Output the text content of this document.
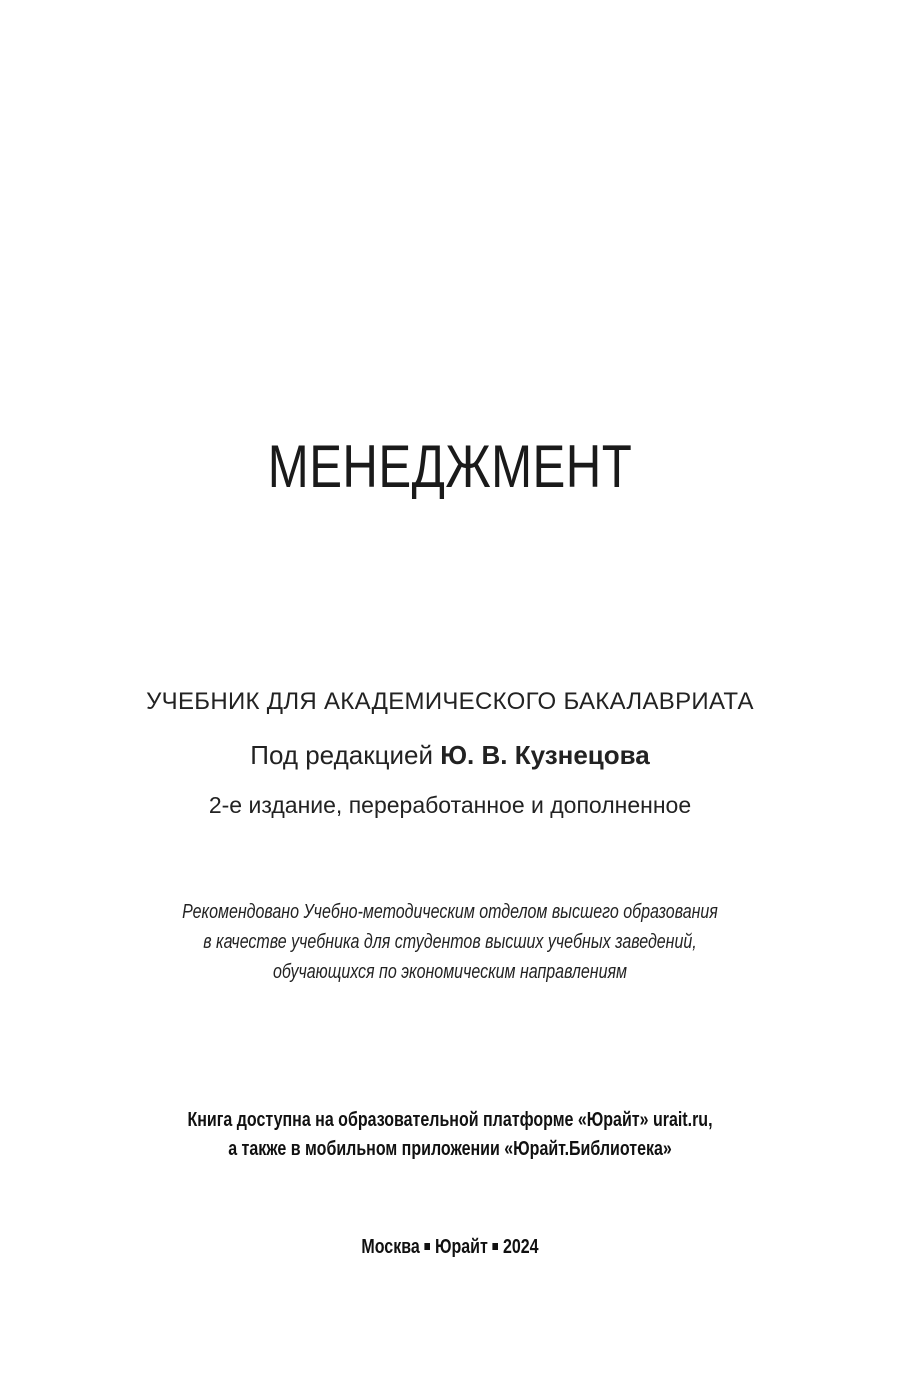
МЕНЕДЖМЕНТ
УЧЕБНИК ДЛЯ АКАДЕМИЧЕСКОГО БАКАЛАВРИАТА
Под редакцией Ю. В. Кузнецова
2-е издание, переработанное и дополненное
Рекомендовано Учебно-методическим отделом высшего образования
в качестве учебника для студентов высших учебных заведений,
обучающихся по экономическим направлениям
Книга доступна на образовательной платформе «Юрайт» urait.ru,
а также в мобильном приложении «Юрайт.Библиотека»
Москва Юрайт 2024
